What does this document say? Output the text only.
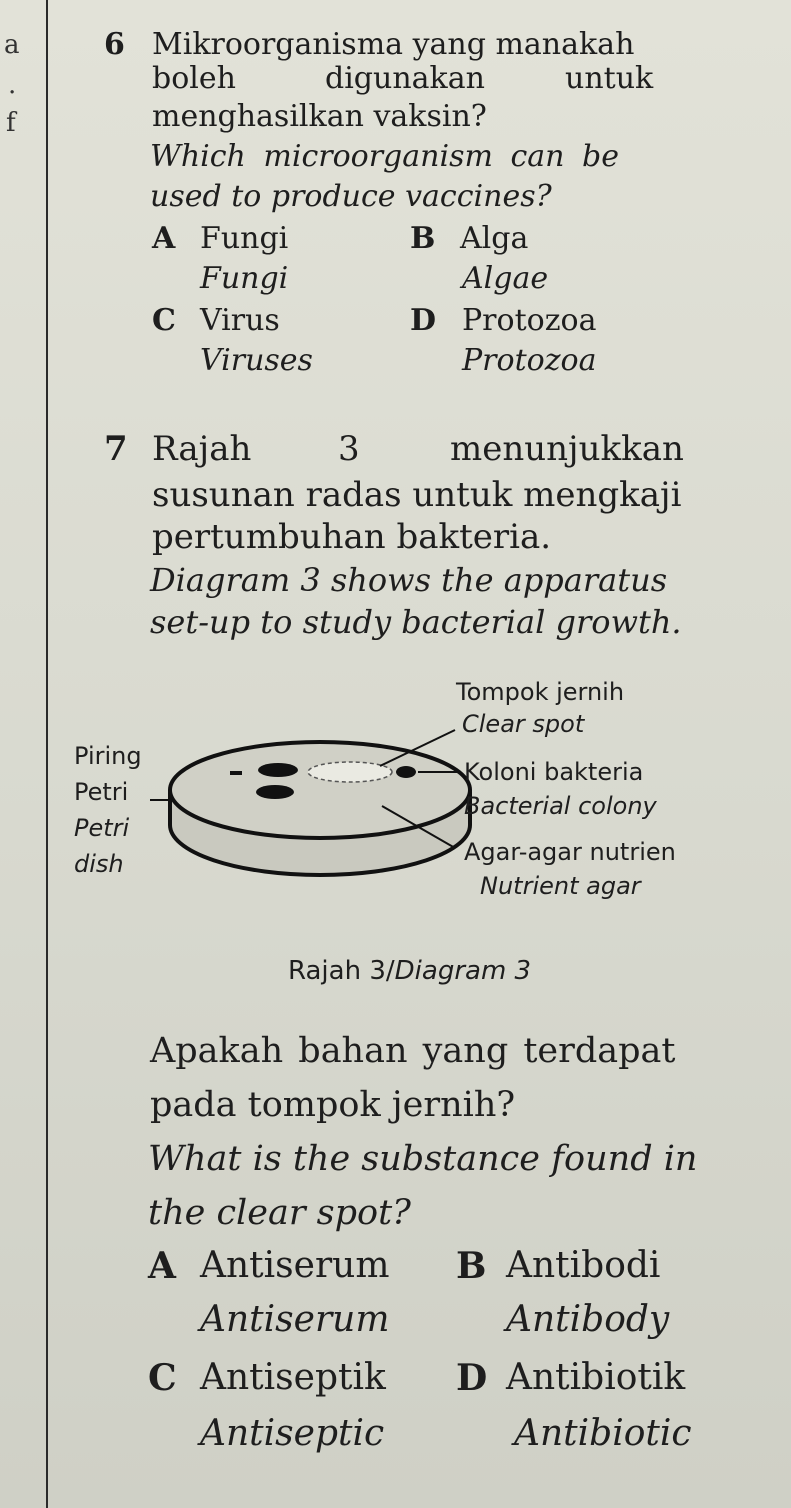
a
.
f
6 Mikroorganisma yang manakah
boleh	digunakan	untuk
menghasilkan vaksin?
Which microorganism can be
used to produce vaccines?
A Fungi
Fungi
B Alga
Algae
C Virus
Viruses
D Protozoa
Protozoa
7 Rajah	3	menunjukkan
susunan radas untuk mengkaji
pertumbuhan bakteria.
Diagram 3 shows the apparatus
set-up to study bacterial growth.
Tompok jernih
Clear spot
Piring
Petri
Petri
dish
Koloni bakteria
Bacterial colony
Agar-agar nutrien
Nutrient agar
Rajah 3/Diagram 3
Apakah bahan yang terdapat
pada tompok jernih?
What is the substance found in
the clear spot?
A Antiserum
Antiserum
B Antibodi
Antibody
C Antiseptik
Antiseptic
D Antibiotik
Antibiotic
